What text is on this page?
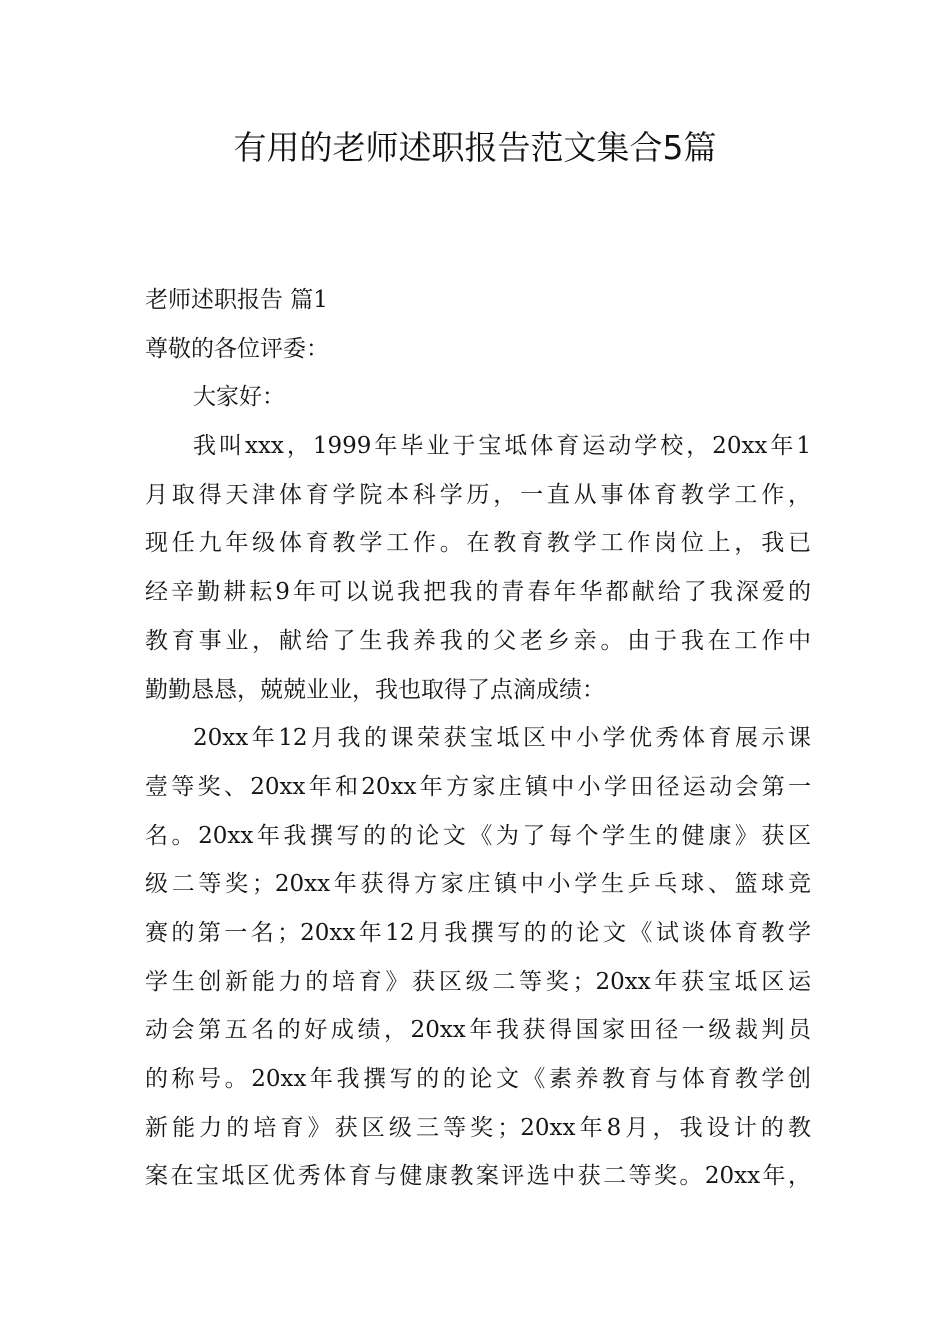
有用的老师述职报告范文集合5篇
老师述职报告 篇1
尊敬的各位评委：
大家好：
我叫xxx，1999年毕业于宝坻体育运动学校，20xx年1
月取得天津体育学院本科学历，一直从事体育教学工作，
现任九年级体育教学工作。在教育教学工作岗位上，我已
经辛勤耕耘9年可以说我把我的青春年华都献给了我深爱的
教育事业，献给了生我养我的父老乡亲。由于我在工作中
勤勤恳恳，兢兢业业，我也取得了点滴成绩：
20xx年12月我的课荣获宝坻区中小学优秀体育展示课
壹等奖、20xx年和20xx年方家庄镇中小学田径运动会第一
名。20xx年我撰写的的论文《为了每个学生的健康》获区
级二等奖；20xx年获得方家庄镇中小学生乒乓球、篮球竞
赛的第一名；20xx年12月我撰写的的论文《试谈体育教学
学生创新能力的培育》获区级二等奖；20xx年获宝坻区运
动会第五名的好成绩，20xx年我获得国家田径一级裁判员
的称号。20xx年我撰写的的论文《素养教育与体育教学创
新能力的培育》获区级三等奖；20xx年8月，我设计的教
案在宝坻区优秀体育与健康教案评选中获二等奖。20xx年，
